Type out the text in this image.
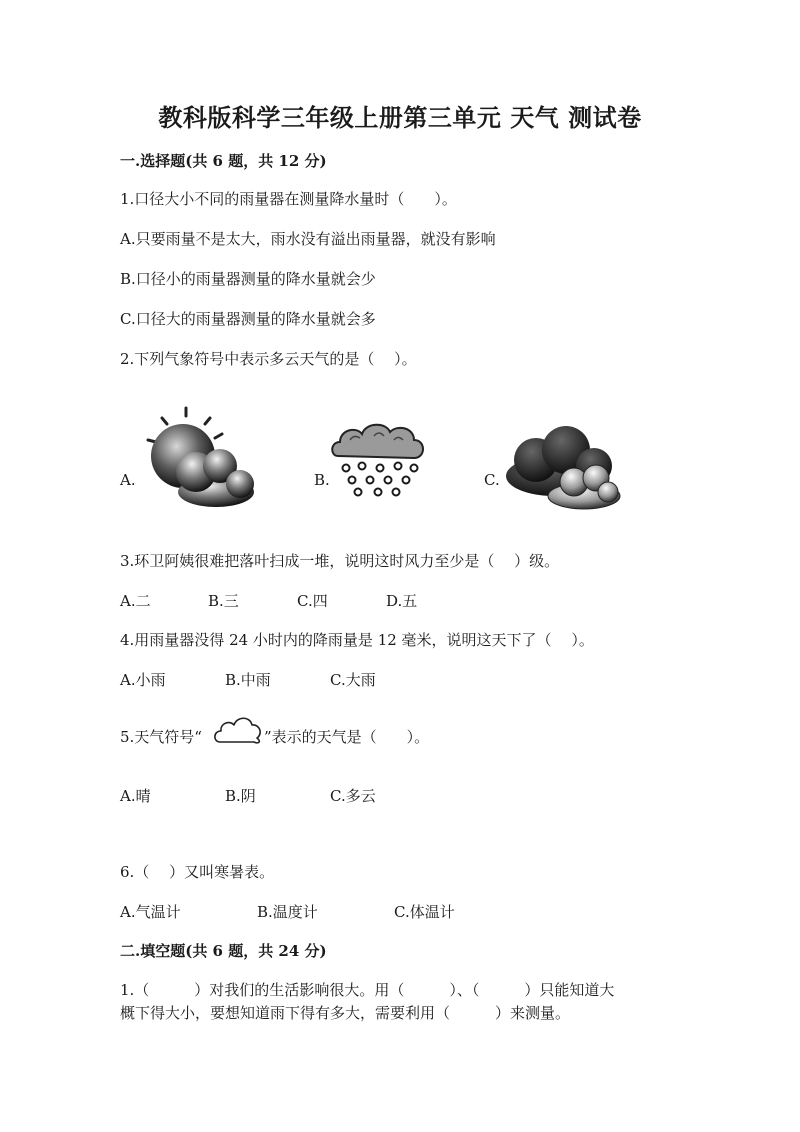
教科版科学三年级上册第三单元 天气 测试卷
一.选择题(共 6 题，共 12 分)
1.口径大小不同的雨量器在测量降水量时（　　）。
A.只要雨量不是太大，雨水没有溢出雨量器，就没有影响
B.口径小的雨量器测量的降水量就会少
C.口径大的雨量器测量的降水量就会多
2.下列气象符号中表示多云天气的是（　 ）。
A.	B.	C.
3.环卫阿姨很难把落叶扫成一堆，说明这时风力至少是（　 ）级。
A.二	B.三	C.四	D.五
4.用雨量器没得 24 小时内的降雨量是 12 毫米，说明这天下了（　 ）。
A.小雨	B.中雨	C.大雨
5.天气符号“	”表示的天气是（　　）。
A.晴	B.阴	C.多云
6.（　 ）又叫寒暑表。
A.气温计	B.温度计	C.体温计
二.填空题(共 6 题，共 24 分)
1.（　　　）对我们的生活影响很大。用（　　　）、（　　　）只能知道大
概下得大小，要想知道雨下得有多大，需要利用（　　　）来测量。
